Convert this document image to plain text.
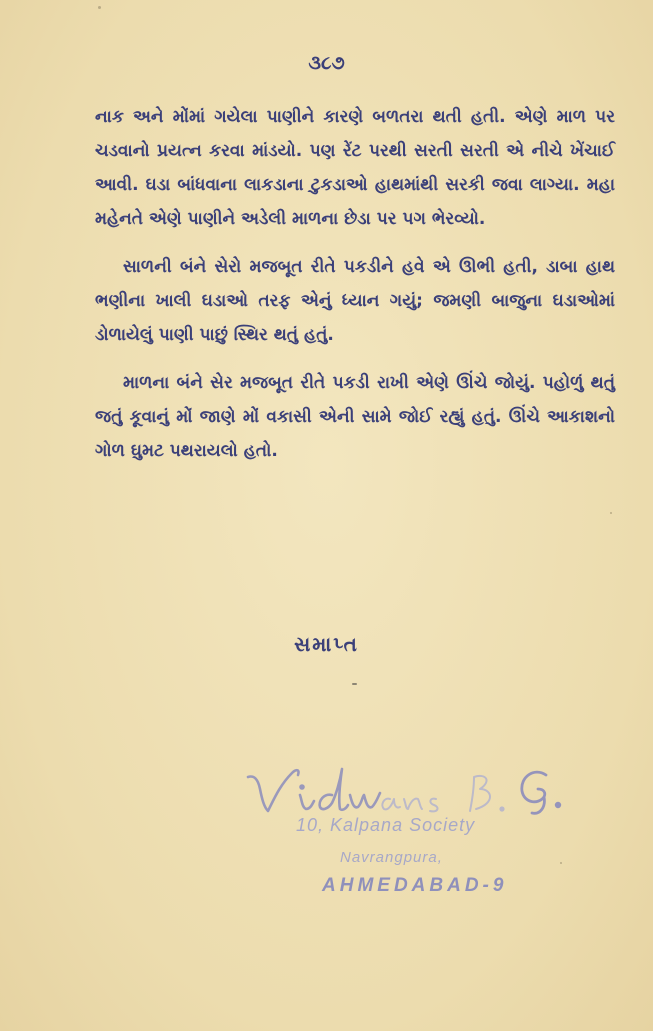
૩૮૭

નાક અને મોંમાં ગયેલા પાણીને કારણે બળતરા થતી હતી. એણે માળ પર ચડવાનો પ્રયત્ન કરવા માંડયો. પણ રેંટ પરથી સરતી સરતી એ નીચે ખેંચાઈ આવી. ઘડા બાંધવાના લાકડાના ટુકડાઓ હાથમાંથી સરકી જવા લાગ્યા. મહા મહેનતે એણે પાણીને અડેલી માળના છેડા પર પગ ભેરવ્યો.

સાળની બંને સેરો મજબૂત રીતે પકડીને હવે એ ઊભી હતી, ડાબા હાથ ભણીના ખાલી ઘડાઓ તરફ એનું ધ્યાન ગયું; જમણી બાજુના ઘડાઓમાં ડોળાયેલું પાણી પાછું સ્થિર થતું હતું.

માળના બંને સેર મજબૂત રીતે પકડી રાખી એણે ઊંચે જોયું. પહોળું થતું જતું કૂવાનું મોં જાણે મોં વકાસી એની સામે જોઈ રહ્યું હતું. ઊંચે આકાશનો ગોળ ઘુમટ પથરાયલો હતો.

સમાપ્ત
10, Kalpana Society
Navrangpura,
AHMEDABAD-9
